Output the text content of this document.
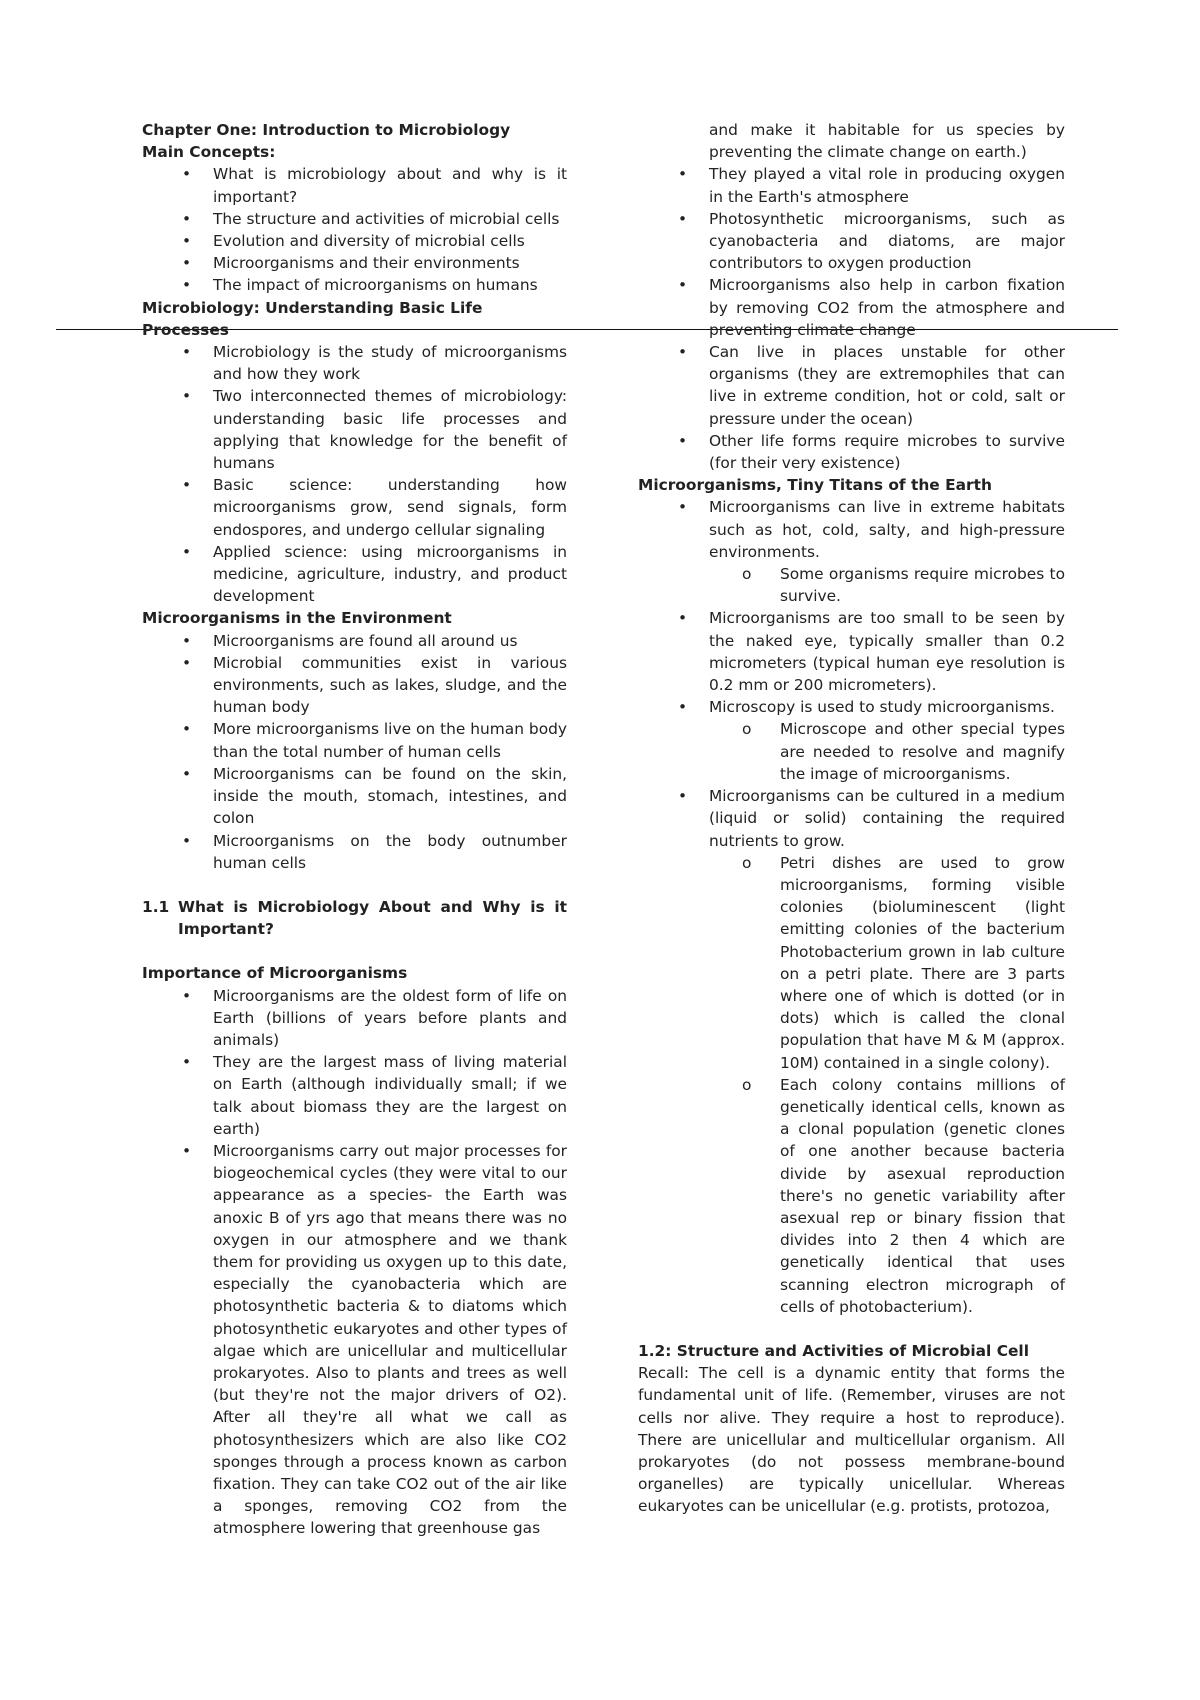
Chapter One: Introduction to Microbiology

Main Concepts:

• What is microbiology about and why is it important?
• The structure and activities of microbial cells
• Evolution and diversity of microbial cells
• Microorganisms and their environments
• The impact of microorganisms on humans

Microbiology: Understanding Basic Life Processes

• Microbiology is the study of microorganisms and how they work
• Two interconnected themes of microbiology: understanding basic life processes and applying that knowledge for the benefit of humans
• Basic science: understanding how microorganisms grow, send signals, form endospores, and undergo cellular signaling
• Applied science: using microorganisms in medicine, agriculture, industry, and product development

Microorganisms in the Environment

• Microorganisms are found all around us
• Microbial communities exist in various environments, such as lakes, sludge, and the human body
• More microorganisms live on the human body than the total number of human cells
• Microorganisms can be found on the skin, inside the mouth, stomach, intestines, and colon
• Microorganisms on the body outnumber human cells

1.1 What is Microbiology About and Why is it Important?

Importance of Microorganisms

• Microorganisms are the oldest form of life on Earth (billions of years before plants and animals)
• They are the largest mass of living material on Earth (although individually small; if we talk about biomass they are the largest on earth)
• Microorganisms carry out major processes for biogeochemical cycles (they were vital to our appearance as a species- the Earth was anoxic B of yrs ago that means there was no oxygen in our atmosphere and we thank them for providing us oxygen up to this date, especially the cyanobacteria which are photosynthetic bacteria & to diatoms which photosynthetic eukaryotes and other types of algae which are unicellular and multicellular prokaryotes. Also to plants and trees as well (but they're not the major drivers of O2). After all they're all what we call as photosynthesizers which are also like CO2 sponges through a process known as carbon fixation. They can take CO2 out of the air like a sponges, removing CO2 from the atmosphere lowering that greenhouse gas

and make it habitable for us species by preventing the climate change on earth.)

• They played a vital role in producing oxygen in the Earth's atmosphere
• Photosynthetic microorganisms, such as cyanobacteria and diatoms, are major contributors to oxygen production
• Microorganisms also help in carbon fixation by removing CO2 from the atmosphere and preventing climate change
• Can live in places unstable for other organisms (they are extremophiles that can live in extreme condition, hot or cold, salt or pressure under the ocean)
• Other life forms require microbes to survive (for their very existence)

Microorganisms, Tiny Titans of the Earth

• Microorganisms can live in extreme habitats such as hot, cold, salty, and high-pressure environments.
o Some organisms require microbes to survive.
• Microorganisms are too small to be seen by the naked eye, typically smaller than 0.2 micrometers (typical human eye resolution is 0.2 mm or 200 micrometers).
• Microscopy is used to study microorganisms.
o Microscope and other special types are needed to resolve and magnify the image of microorganisms.
• Microorganisms can be cultured in a medium (liquid or solid) containing the required nutrients to grow.
o Petri dishes are used to grow microorganisms, forming visible colonies (bioluminescent (light emitting colonies of the bacterium Photobacterium grown in lab culture on a petri plate. There are 3 parts where one of which is dotted (or in dots) which is called the clonal population that have M & M (approx. 10M) contained in a single colony).
o Each colony contains millions of genetically identical cells, known as a clonal population (genetic clones of one another because bacteria divide by asexual reproduction there's no genetic variability after asexual rep or binary fission that divides into 2 then 4 which are genetically identical that uses scanning electron micrograph of cells of photobacterium).

1.2: Structure and Activities of Microbial Cell

Recall: The cell is a dynamic entity that forms the fundamental unit of life. (Remember, viruses are not cells nor alive. They require a host to reproduce). There are unicellular and multicellular organism. All prokaryotes (do not possess membrane-bound organelles) are typically unicellular. Whereas eukaryotes can be unicellular (e.g. protists, protozoa,
